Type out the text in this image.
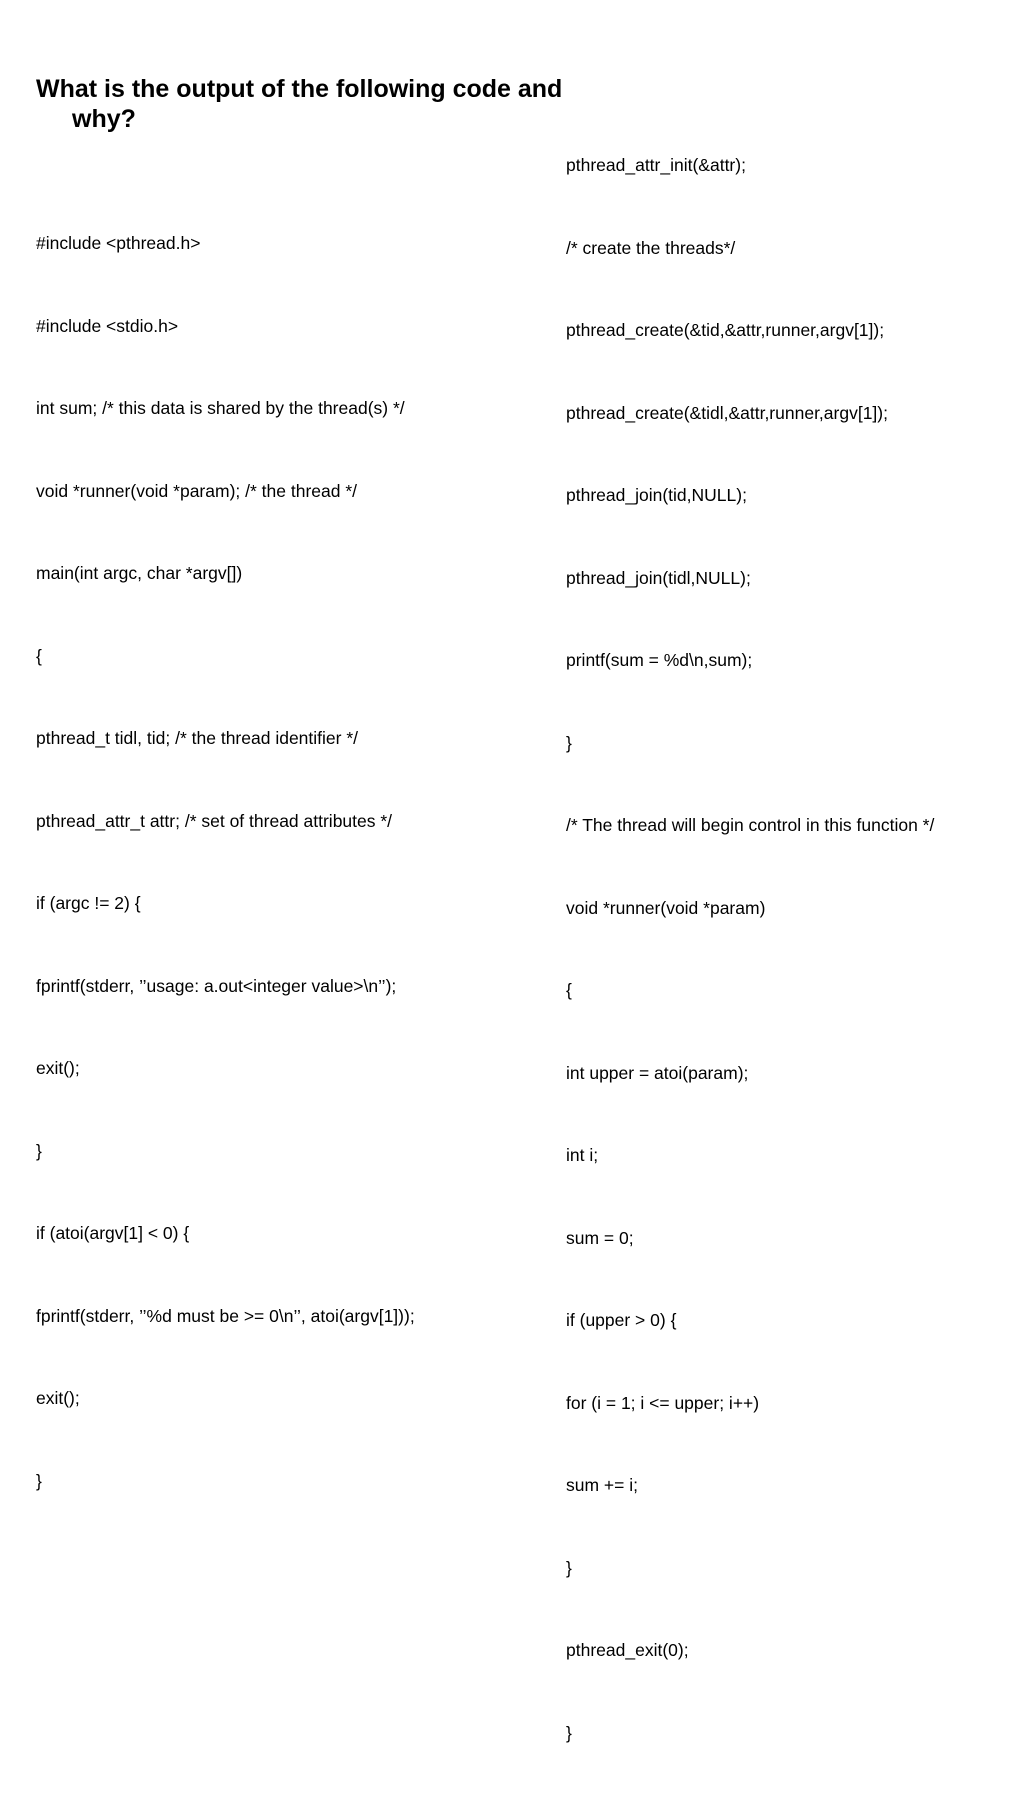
What is the output of the following code and why?

#include <pthread.h>

#include <stdio.h>

int sum; /* this data is shared by the thread(s) */

void *runner(void *param); /* the thread */

main(int argc, char *argv[])

{

pthread_t tidl, tid; /* the thread identifier */

pthread_attr_t attr; /* set of thread attributes */

if (argc != 2) {

fprintf(stderr, ’’usage: a.out<integer value>\n’’);

exit();

}

if (atoi(argv[1] < 0) {

fprintf(stderr, ’’%d must be >= 0\n’’, atoi(argv[1]));

exit();

}

pthread_attr_init(&attr);

/* create the threads*/

pthread_create(&tid,&attr,runner,argv[1]);

pthread_create(&tidl,&attr,runner,argv[1]);

pthread_join(tid,NULL);

pthread_join(tidl,NULL);

printf(sum = %d\n,sum);

}

/* The thread will begin control in this function */

void *runner(void *param)

{

int upper = atoi(param);

int i;

sum = 0;

if (upper > 0) {

for (i = 1; i <= upper; i++)

sum += i;

}

pthread_exit(0);

}
